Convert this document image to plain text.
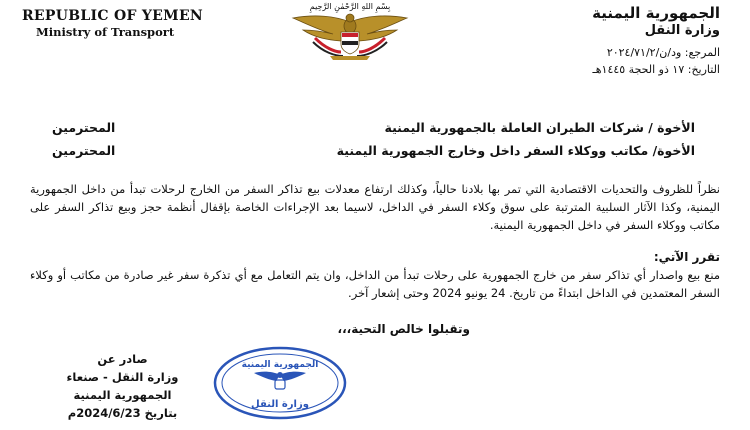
REPUBLIC OF YEMEN
Ministry of Transport
بِسْمِ اللهِ الرَّحْمٰنِ الرَّحِيمِ	الجمهورية اليمنية
وزارة النقل
المرجع: ود/ن/٢٠٢٤/٧١/٢
التاريخ: ١٧ ذو الحجة ١٤٤٥هـ
الأخوة / شركات الطيران العاملة بالجمهورية اليمنية
المحترمين
الأخوة/ مكاتب ووكلاء السفر داخل وخارج الجمهورية اليمنية
المحترمين
نظراً للظروف والتحديات الاقتصادية التي تمر بها بلادنا حالياً، وكذلك ارتفاع معدلات بيع تذاكر السفر من الخارج لرحلات تبدأ من داخل الجمهورية اليمنية، وكذا الآثار السلبية المترتبة على سوق وكلاء السفر في الداخل، لاسيما بعد الإجراءات الخاصة بإقفال أنظمة حجز وبيع تذاكر السفر على مكاتب ووكلاء السفر في داخل الجمهورية اليمنية.
تقرر الآتي:
منع بيع واصدار أي تذاكر سفر من خارج الجمهورية على رحلات تبدأ من الداخل، وان يتم التعامل مع أي تذكرة سفر غير صادرة من مكاتب أو وكلاء السفر المعتمدين في الداخل ابتداءً من تاريخ. 24 يونيو 2024 وحتى إشعار آخر.
وتقبلوا خالص التحية،،،
صادر عن
وزارة النقل - صنعاء
الجمهورية اليمنية
بتاريخ 2024/6/23م
الجمهورية اليمنية
وزارة النقل
